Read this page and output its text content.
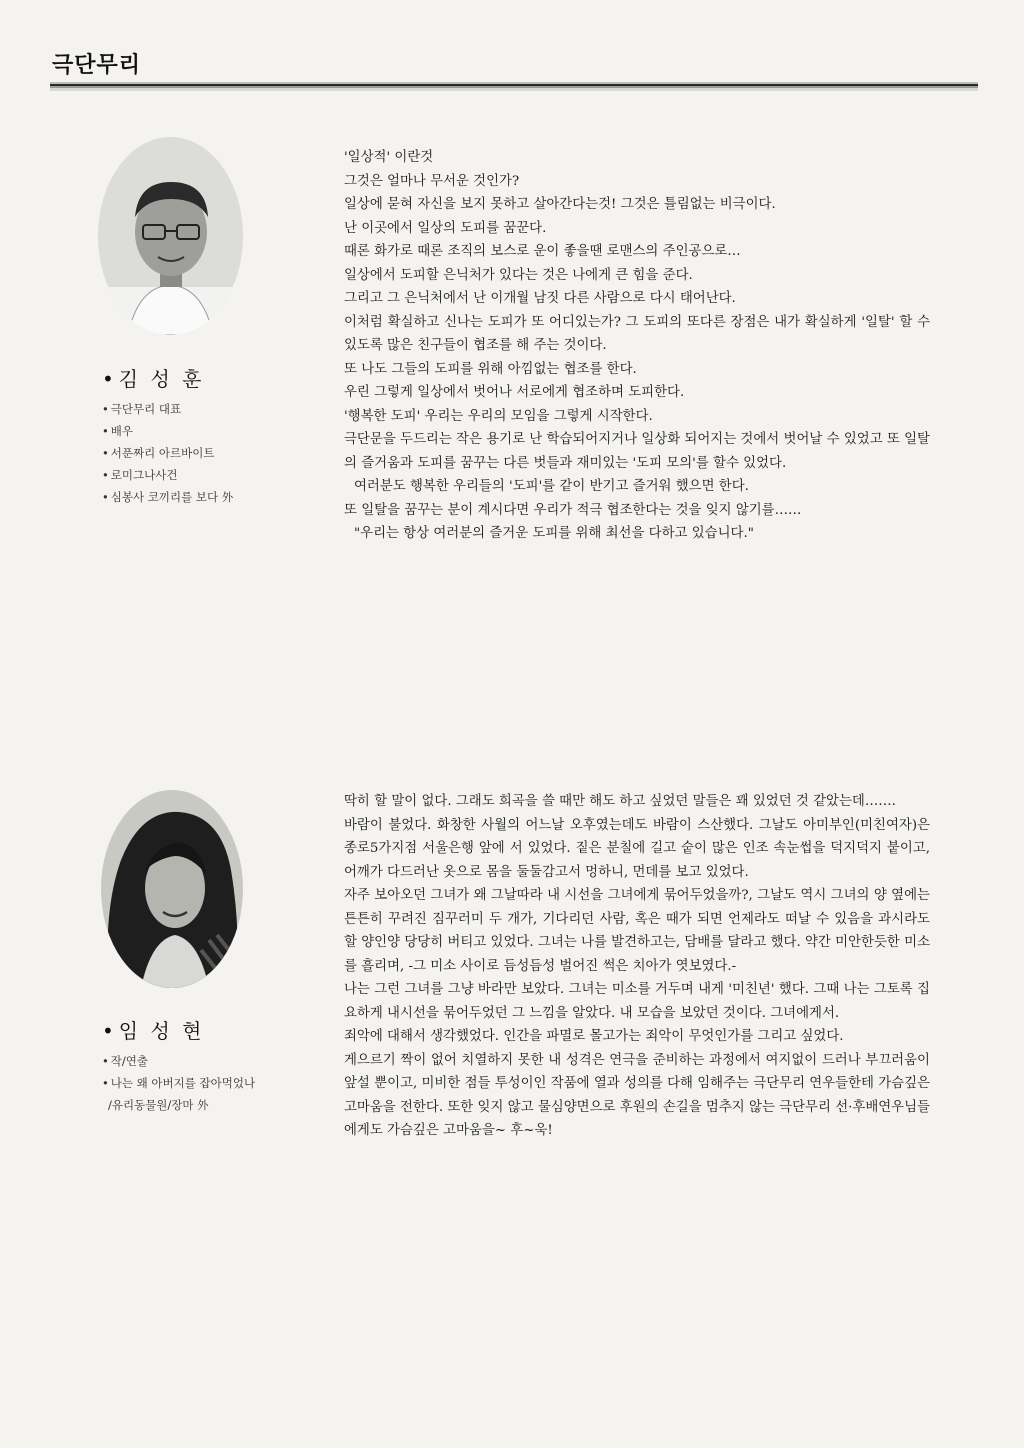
극단무리
• 김 성 훈
• 극단무리 대표
• 배우
• 서푼짜리 아르바이트
• 로미그나사건
• 심봉사 코끼리를 보다 外

'일상적' 이란것

그것은 얼마나 무서운 것인가?

일상에 묻혀 자신을 보지 못하고 살아간다는것! 그것은 틀림없는 비극이다.

난 이곳에서 일상의 도피를 꿈꾼다.

때론 화가로 때론 조직의 보스로 운이 좋을땐 로맨스의 주인공으로…

일상에서 도피할 은닉처가 있다는 것은 나에게 큰 힘을 준다.

그리고 그 은닉처에서 난 이개월 남짓 다른 사람으로 다시 태어난다.

이처럼 확실하고 신나는 도피가 또 어디있는가? 그 도피의 또다른 장점은 내가 확실하게 '일탈' 할 수 있도록 많은 친구들이 협조를 해 주는 것이다.

또 나도 그들의 도피를 위해 아낌없는 협조를 한다.

우린 그렇게 일상에서 벗어나 서로에게 협조하며 도피한다.

'행복한 도피' 우리는 우리의 모임을 그렇게 시작한다.

극단문을 두드리는 작은 용기로 난 학습되어지거나 일상화 되어지는 것에서 벗어날 수 있었고 또 일탈의 즐거움과 도피를 꿈꾸는 다른 벗들과 재미있는 '도피 모의'를 할수 있었다.

여러분도 행복한 우리들의 '도피'를 같이 반기고 즐거워 했으면 한다.

또 일탈을 꿈꾸는 분이 계시다면 우리가 적극 협조한다는 것을 잊지 않기를……

"우리는 항상 여러분의 즐거운 도피를 위해 최선을 다하고 있습니다."

• 임 성 현
• 작/연출
• 나는 왜 아버지를 잡아먹었나
/유리동물원/장마 外

딱히 할 말이 없다. 그래도 희곡을 쓸 때만 해도 하고 싶었던 말들은 꽤 있었던 것 같았는데…….

바람이 불었다. 화창한 사월의 어느날 오후였는데도 바람이 스산했다. 그날도 아미부인(미친여자)은 종로5가지점 서울은행 앞에 서 있었다. 짙은 분칠에 길고 숱이 많은 인조 속눈썹을 덕지덕지 붙이고, 어깨가 다드러난 옷으로 몸을 둘둘감고서 멍하니, 먼데를 보고 있었다.

자주 보아오던 그녀가 왜 그날따라 내 시선을 그녀에게 묶어두었을까?, 그날도 역시 그녀의 양 옆에는 튼튼히 꾸려진 짐꾸러미 두 개가, 기다리던 사람, 혹은 때가 되면 언제라도 떠날 수 있음을 과시라도 할 양인양 당당히 버티고 있었다. 그녀는 나를 발견하고는, 담배를 달라고 했다. 약간 미안한듯한 미소를 흘리며, -그 미소 사이로 듬성듬성 벌어진 썩은 치아가 엿보였다.-

나는 그런 그녀를 그냥 바라만 보았다. 그녀는 미소를 거두며 내게 '미친년' 했다. 그때 나는 그토록 집요하게 내시선을 묶어두었던 그 느낌을 알았다. 내 모습을 보았던 것이다. 그녀에게서.

죄악에 대해서 생각했었다. 인간을 파멸로 몰고가는 죄악이 무엇인가를 그리고 싶었다.

게으르기 짝이 없어 치열하지 못한 내 성격은 연극을 준비하는 과정에서 여지없이 드러나 부끄러움이 앞설 뿐이고, 미비한 점들 투성이인 작품에 열과 성의를 다해 임해주는 극단무리 연우들한테 가슴깊은 고마움을 전한다. 또한 잊지 않고 물심양면으로 후원의 손길을 멈추지 않는 극단무리 선·후배연우님들에게도 가슴깊은 고마움을~ 후~욱!
